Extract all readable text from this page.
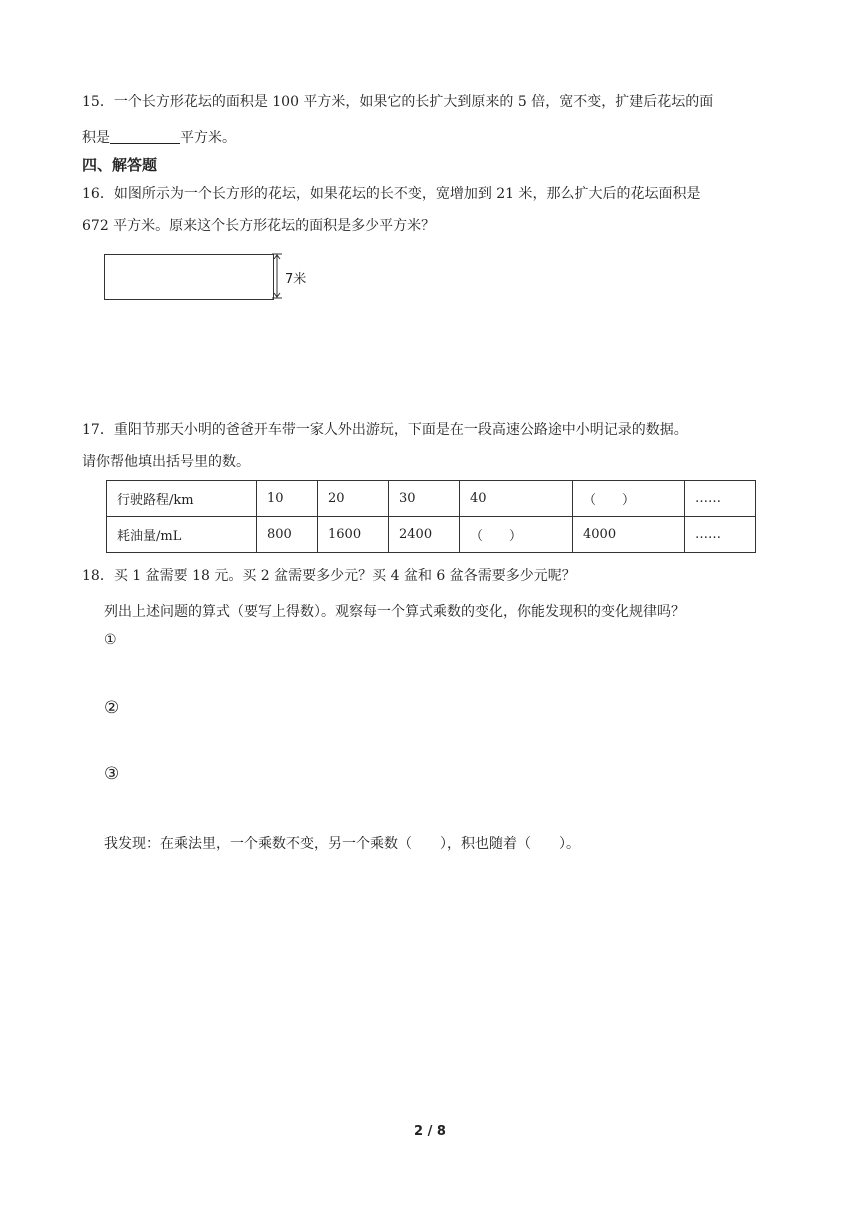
15．一个长方形花坛的面积是 100 平方米，如果它的长扩大到原来的 5 倍，宽不变，扩建后花坛的面
积是	平方米。
四、解答题
16．如图所示为一个长方形的花坛，如果花坛的长不变，宽增加到 21 米，那么扩大后的花坛面积是
672 平方米。原来这个长方形花坛的面积是多少平方米？
7米
17．重阳节那天小明的爸爸开车带一家人外出游玩，下面是在一段高速公路途中小明记录的数据。
请你帮他填出括号里的数。
行驶路程/km	10	20	30	40	（　　）	……
耗油量/mL	800	1600	2400	（　　）	4000	……
18．买 1 盆需要 18 元。买 2 盆需要多少元？买 4 盆和 6 盆各需要多少元呢？
列出上述问题的算式（要写上得数）。观察每一个算式乘数的变化，你能发现积的变化规律吗？
①
②
③
我发现：在乘法里，一个乘数不变，另一个乘数（　　），积也随着（　　）。
2 / 8
